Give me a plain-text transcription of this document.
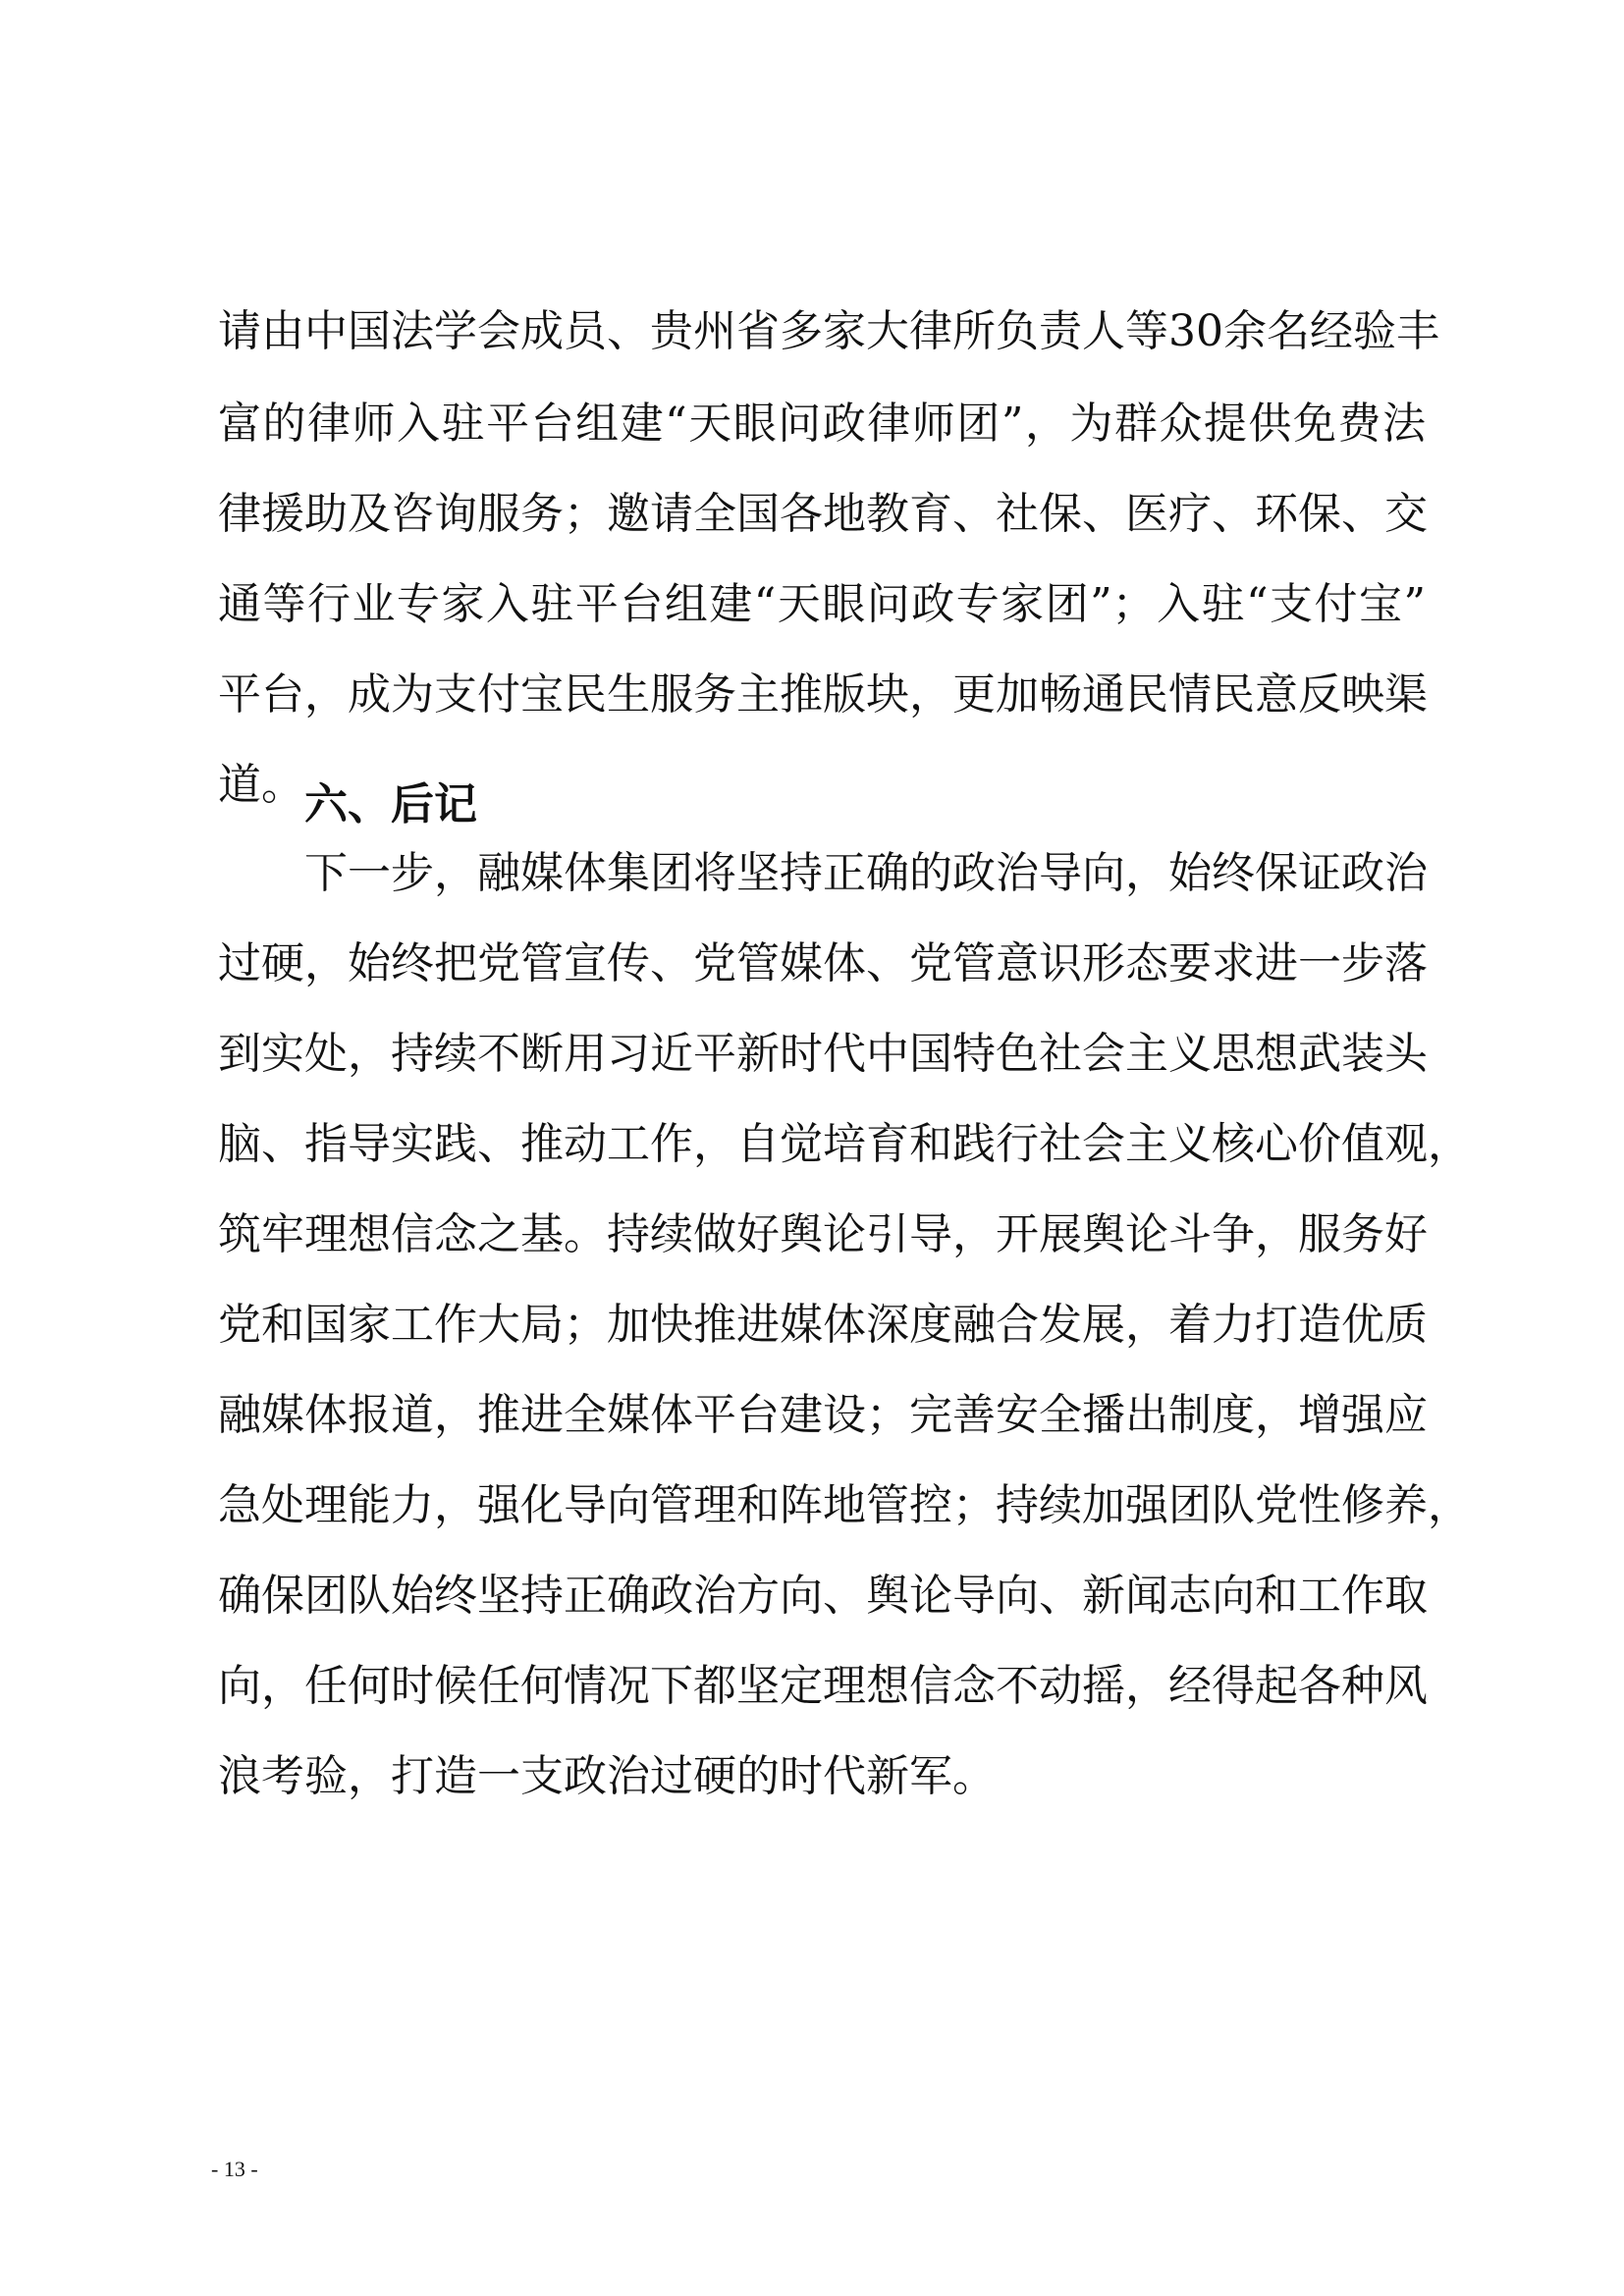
请由中国法学会成员、贵州省多家大律所负责人等30余名经验丰
富的律师入驻平台组建“天眼问政律师团”，为群众提供免费法
律援助及咨询服务；邀请全国各地教育、社保、医疗、环保、交
通等行业专家入驻平台组建“天眼问政专家团”；入驻“支付宝”
平台，成为支付宝民生服务主推版块，更加畅通民情民意反映渠
道。 六、后记
下一步，融媒体集团将坚持正确的政治导向，始终保证政治
过硬，始终把党管宣传、党管媒体、党管意识形态要求进一步落
到实处，持续不断用习近平新时代中国特色社会主义思想武装头
脑、指导实践、推动工作，自觉培育和践行社会主义核心价值观，
筑牢理想信念之基。持续做好舆论引导，开展舆论斗争，服务好
党和国家工作大局；加快推进媒体深度融合发展，着力打造优质
融媒体报道，推进全媒体平台建设；完善安全播出制度，增强应
急处理能力，强化导向管理和阵地管控；持续加强团队党性修养，
确保团队始终坚持正确政治方向、舆论导向、新闻志向和工作取
向，任何时候任何情况下都坚定理想信念不动摇，经得起各种风
浪考验，打造一支政治过硬的时代新军。
- 13 -
